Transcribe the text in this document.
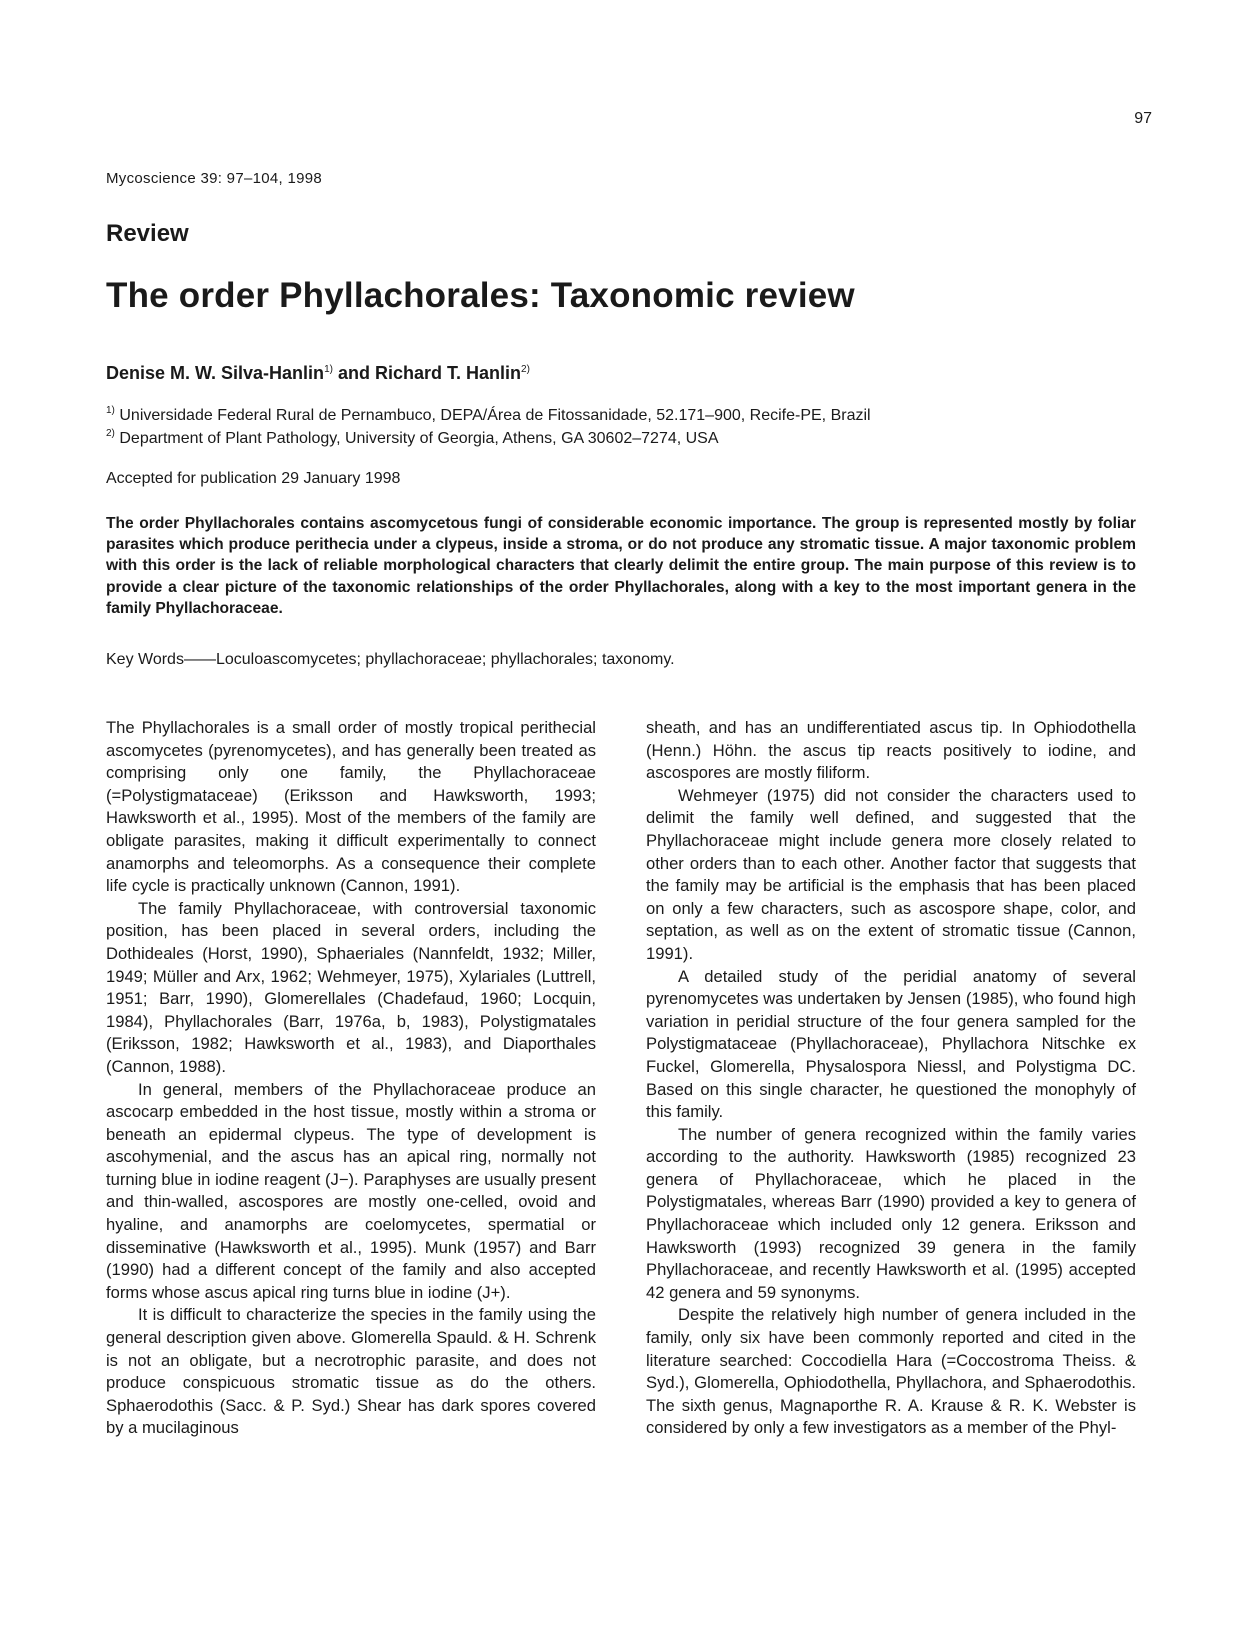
97
Mycoscience 39: 97–104, 1998
Review
The order Phyllachorales: Taxonomic review
Denise M. W. Silva-Hanlin$^{1)}$ and Richard T. Hanlin$^{2)}$
$^{1)}$ Universidade Federal Rural de Pernambuco, DEPA/Área de Fitossanidade, 52.171–900, Recife-PE, Brazil
$^{2)}$ Department of Plant Pathology, University of Georgia, Athens, GA 30602–7274, USA
Accepted for publication 29 January 1998
The order Phyllachorales contains ascomycetous fungi of considerable economic importance. The group is represented mostly by foliar parasites which produce perithecia under a clypeus, inside a stroma, or do not produce any stromatic tissue. A major taxonomic problem with this order is the lack of reliable morphological characters that clearly delimit the entire group. The main purpose of this review is to provide a clear picture of the taxonomic relationships of the order Phyllachorales, along with a key to the most important genera in the family Phyllachoraceae.
Key Words——Loculoascomycetes; phyllachoraceae; phyllachorales; taxonomy.

The Phyllachorales is a small order of mostly tropical perithecial ascomycetes (pyrenomycetes), and has generally been treated as comprising only one family, the Phyllachoraceae (=Polystigmataceae) (Eriksson and Hawksworth, 1993; Hawksworth et al., 1995). Most of the members of the family are obligate parasites, making it difficult experimentally to connect anamorphs and teleomorphs. As a consequence their complete life cycle is practically unknown (Cannon, 1991).

The family Phyllachoraceae, with controversial taxonomic position, has been placed in several orders, including the Dothideales (Horst, 1990), Sphaeriales (Nannfeldt, 1932; Miller, 1949; Müller and Arx, 1962; Wehmeyer, 1975), Xylariales (Luttrell, 1951; Barr, 1990), Glomerellales (Chadefaud, 1960; Locquin, 1984), Phyllachorales (Barr, 1976a, b, 1983), Polystigmatales (Eriksson, 1982; Hawksworth et al., 1983), and Diaporthales (Cannon, 1988).

In general, members of the Phyllachoraceae produce an ascocarp embedded in the host tissue, mostly within a stroma or beneath an epidermal clypeus. The type of development is ascohymenial, and the ascus has an apical ring, normally not turning blue in iodine reagent (J−). Paraphyses are usually present and thin-walled, ascospores are mostly one-celled, ovoid and hyaline, and anamorphs are coelomycetes, spermatial or disseminative (Hawksworth et al., 1995). Munk (1957) and Barr (1990) had a different concept of the family and also accepted forms whose ascus apical ring turns blue in iodine (J+).

It is difficult to characterize the species in the family using the general description given above. Glomerella Spauld. & H. Schrenk is not an obligate, but a necrotrophic parasite, and does not produce conspicuous stromatic tissue as do the others. Sphaerodothis (Sacc. & P. Syd.) Shear has dark spores covered by a mucilaginous

sheath, and has an undifferentiated ascus tip. In Ophiodothella (Henn.) Höhn. the ascus tip reacts positively to iodine, and ascospores are mostly filiform.

Wehmeyer (1975) did not consider the characters used to delimit the family well defined, and suggested that the Phyllachoraceae might include genera more closely related to other orders than to each other. Another factor that suggests that the family may be artificial is the emphasis that has been placed on only a few characters, such as ascospore shape, color, and septation, as well as on the extent of stromatic tissue (Cannon, 1991).

A detailed study of the peridial anatomy of several pyrenomycetes was undertaken by Jensen (1985), who found high variation in peridial structure of the four genera sampled for the Polystigmataceae (Phyllachoraceae), Phyllachora Nitschke ex Fuckel, Glomerella, Physalospora Niessl, and Polystigma DC. Based on this single character, he questioned the monophyly of this family.

The number of genera recognized within the family varies according to the authority. Hawksworth (1985) recognized 23 genera of Phyllachoraceae, which he placed in the Polystigmatales, whereas Barr (1990) provided a key to genera of Phyllachoraceae which included only 12 genera. Eriksson and Hawksworth (1993) recognized 39 genera in the family Phyllachoraceae, and recently Hawksworth et al. (1995) accepted 42 genera and 59 synonyms.

Despite the relatively high number of genera included in the family, only six have been commonly reported and cited in the literature searched: Coccodiella Hara (=Coccostroma Theiss. & Syd.), Glomerella, Ophiodothella, Phyllachora, and Sphaerodothis. The sixth genus, Magnaporthe R. A. Krause & R. K. Webster is considered by only a few investigators as a member of the Phyl-
